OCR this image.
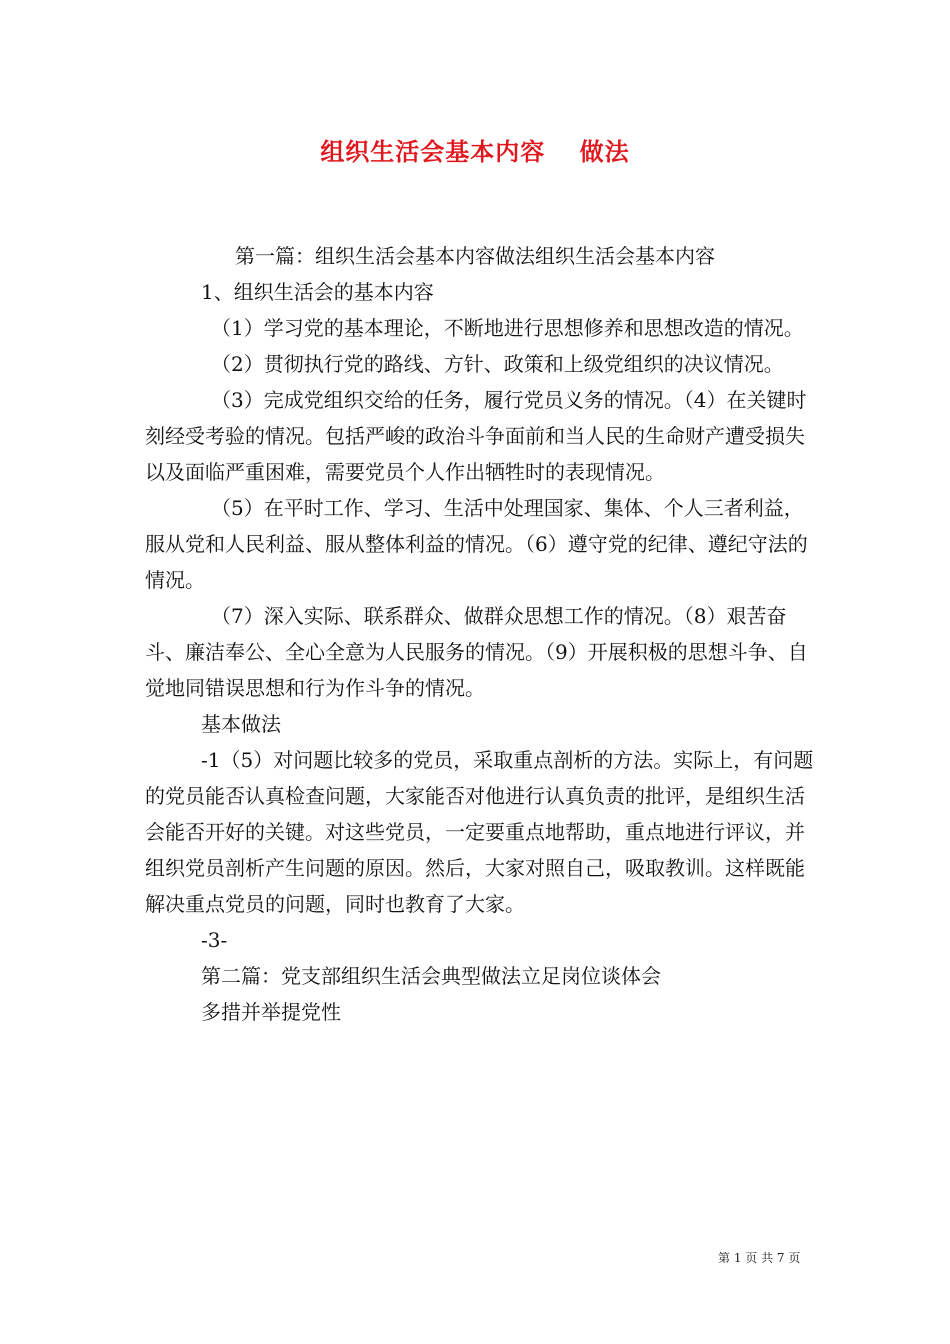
组织生活会基本内容　 做法

第一篇：组织生活会基本内容做法组织生活会基本内容

1、组织生活会的基本内容

（1）学习党的基本理论，不断地进行思想修养和思想改造的情况。

（2）贯彻执行党的路线、方针、政策和上级党组织的决议情况。

（3）完成党组织交给的任务，履行党员义务的情况。（4）在关键时刻经受考验的情况。包括严峻的政治斗争面前和当人民的生命财产遭受损失以及面临严重困难，需要党员个人作出牺牲时的表现情况。

（5）在平时工作、学习、生活中处理国家、集体、个人三者利益，服从党和人民利益、服从整体利益的情况。（6）遵守党的纪律、遵纪守法的情况。

（7）深入实际、联系群众、做群众思想工作的情况。（8）艰苦奋斗、廉洁奉公、全心全意为人民服务的情况。（9）开展积极的思想斗争、自觉地同错误思想和行为作斗争的情况。

基本做法

-1（5）对问题比较多的党员，采取重点剖析的方法。实际上，有问题的党员能否认真检查问题，大家能否对他进行认真负责的批评，是组织生活会能否开好的关键。对这些党员，一定要重点地帮助，重点地进行评议，并组织党员剖析产生问题的原因。然后，大家对照自己，吸取教训。这样既能解决重点党员的问题，同时也教育了大家。

-3-

第二篇：党支部组织生活会典型做法立足岗位谈体会

多措并举提党性

第 1 页 共 7 页
